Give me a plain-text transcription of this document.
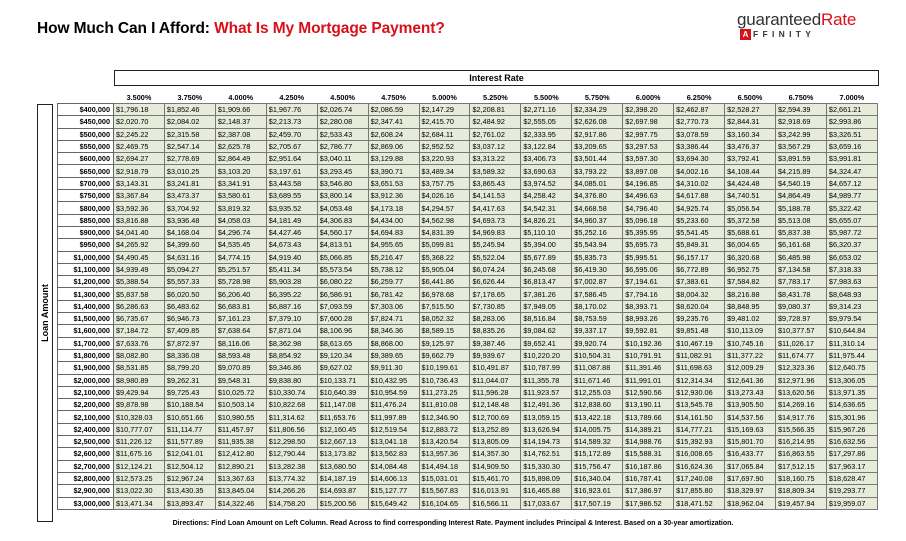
How Much Can I Afford: What Is My Mortgage Payment?	guaranteedRate
A FFINITY
Interest Rate
Loan Amount
	3.500%	3.750%	4.000%	4.250%	4.500%	4.750%	5.000%	5.250%	5.500%	5.750%	6.000%	6.250%	6.500%	6.750%	7.000%
$400,000	$1,796.18	$1,852.46	$1,909.66	$1,967.76	$2,026.74	$2,086.59	$2,147.29	$2,208.81	$2,271.16	$2,334.29	$2,398.20	$2,462.87	$2,528.27	$2,594.39	$2,661.21
$450,000	$2,020.70	$2,084.02	$2,148.37	$2,213.73	$2,280.08	$2,347.41	$2,415.70	$2,484.92	$2,555.05	$2,626.08	$2,697.98	$2,770.73	$2,844.31	$2,918.69	$2,993.86
$500,000	$2,245.22	$2,315.58	$2,387.08	$2,459.70	$2,533.43	$2,608.24	$2,684.11	$2,761.02	$2,333.95	$2,917.86	$2,997.75	$3,078.59	$3,160.34	$3,242.99	$3,326.51
$550,000	$2,469.75	$2,547.14	$2,625.78	$2,705.67	$2,786.77	$2,869.06	$2,952.52	$3,037.12	$3,122.84	$3,209.65	$3,297.53	$3,386.44	$3,476.37	$3,567.29	$3,659.16
$600,000	$2,694.27	$2,778.69	$2,864.49	$2,951.64	$3,040.11	$3,129.88	$3,220.93	$3,313.22	$3,406.73	$3,501.44	$3,597.30	$3,694.30	$3,792.41	$3,891.59	$3,991.81
$650,000	$2,918.79	$3,010.25	$3,103.20	$3,197.61	$3,293.45	$3,390.71	$3,489.34	$3,589.32	$3,690.63	$3,793.22	$3,897.08	$4,002.16	$4,108.44	$4,215.89	$4,324.47
$700,000	$3,143.31	$3,241.81	$3,341.91	$3,443.58	$3,546.80	$3,651.53	$3,757.75	$3,865.43	$3,974.52	$4,085.01	$4,196.85	$4,310.02	$4,424.48	$4,540.19	$4,657.12
$750,000	$3,367.84	$3,473.37	$3,580.61	$3,689.55	$3,800.14	$3,912.36	$4,026.16	$4,141.53	$4,258.42	$4,376.80	$4,496.63	$4,617.88	$4,740.51	$4,864.49	$4,989.77
$800,000	$3,592.36	$3,704.92	$3,819.32	$3,935.52	$4,053.48	$4,173.18	$4,294.57	$4,417.63	$4,542.31	$4,668.58	$4,796.40	$4,925.74	$5,056.54	$5,188.78	$5,322.42
$850,000	$3,816.88	$3,936.48	$4,058.03	$4,181.49	$4,306.83	$4,434.00	$4,562.98	$4,693.73	$4,826.21	$4,960.37	$5,096.18	$5,233.60	$5,372.58	$5,513.08	$5,655.07
$900,000	$4,041.40	$4,168.04	$4,296.74	$4,427.46	$4,560.17	$4,694.83	$4,831.39	$4,969.83	$5,110.10	$5,252.16	$5,395.95	$5,541.45	$5,688.61	$5,837.38	$5,987.72
$950,000	$4,265.92	$4,399.60	$4,535.45	$4,673.43	$4,813.51	$4,955.65	$5,099.81	$5,245.94	$5,394.00	$5,543.94	$5,695.73	$5,849.31	$6,004.65	$6,161.68	$6,320.37
$1,000,000	$4,490.45	$4,631.16	$4,774.15	$4,919.40	$5,066.85	$5,216.47	$5,368.22	$5,522.04	$5,677.89	$5,835.73	$5,995.51	$6,157.17	$6,320.68	$6,485.98	$6,653.02
$1,100,000	$4,939.49	$5,094.27	$5,251.57	$5,411.34	$5,573.54	$5,738.12	$5,905.04	$6,074.24	$6,245.68	$6,419.30	$6,595.06	$6,772.89	$6,952.75	$7,134.58	$7,318.33
$1,200,000	$5,388.54	$5,557.33	$5,728.98	$5,903.28	$6,080.22	$6,259.77	$6,441.86	$6,626.44	$6,813.47	$7,002.87	$7,194.61	$7,383.61	$7,584.82	$7,783.17	$7,983.63
$1,300,000	$5,837.58	$6,020.50	$6,206.40	$6,395.22	$6,586.91	$6,781.42	$6,978.68	$7,178.65	$7,381.26	$7,586.45	$7,794.16	$8,004.32	$8,216.88	$8,431.78	$8,648.93
$1,400,000	$6,286.63	$6,483.62	$6,683.81	$6,887.16	$7,093.59	$7,303.06	$7,515.50	$7,730.85	$7,949.05	$8,170.02	$8,393.71	$8,620.04	$8,848.95	$9,080.37	$9,314.23
$1,500,000	$6,735.67	$6,946.73	$7,161.23	$7,379.10	$7,600.28	$7,824.71	$8,052.32	$8,283.06	$8,516.84	$8,753.59	$8,993.26	$9,235.76	$9,481.02	$9,728.97	$9,979.54
$1,600,000	$7,184.72	$7,409.85	$7,638.64	$7,871.04	$8,106.96	$8,346.36	$8,589.15	$8,835.26	$9,084.62	$9,337.17	$9,592.81	$9,851.48	$10,113.09	$10,377.57	$10,644.84
$1,700,000	$7,633.76	$7,872.97	$8,116.06	$8,362.98	$8,613.65	$8,868.00	$9,125.97	$9,387.46	$9,652.41	$9,920.74	$10,192.36	$10,467.19	$10,745.16	$11,026.17	$11,310.14
$1,800,000	$8,082.80	$8,336.08	$8,593.48	$8,854.92	$9,120.34	$9,389.65	$9,662.79	$9,939.67	$10,220.20	$10,504.31	$10,791.91	$11,082.91	$11,377.22	$11,674.77	$11,975.44
$1,900,000	$8,531.85	$8,799.20	$9,070.89	$9,346.86	$9,627.02	$9,911.30	$10,199.61	$10,491.87	$10,787.99	$11,087.88	$11,391.46	$11,698.63	$12,009.29	$12,323.36	$12,640.75
$2,000,000	$8,980.89	$9,262.31	$9,548.31	$9,838.80	$10,133.71	$10,432.95	$10,736.43	$11,044.07	$11,355.78	$11,671.46	$11,991.01	$12,314.34	$12,641.36	$12,971.96	$13,306.05
$2,100,000	$9,429.94	$9,725.43	$10,025.72	$10,330.74	$10,640.39	$10,954.59	$11,273.25	$11,596.28	$11,923.57	$12,255.03	$12,590.56	$12,930.06	$13,273.43	$13,620.56	$13,971.35
$2,200,000	$9,878.98	$10,188.54	$10,503.14	$10,822.68	$11,147.08	$11,476.24	$11,810.08	$12,148.48	$12,491.36	$12,838.60	$13,190.11	$13,545.78	$13,905.50	$14,269.16	$14,636.65
$2,100,000	$10,328.03	$10,651.66	$10,980.55	$11,314.62	$11,653.76	$11,997.89	$12,346.90	$12,700.69	$13,059.15	$13,422.18	$13,789.66	$14,161.50	$14,537.56	$14,917.76	$15,301.96
$2,400,000	$10,777.07	$11,114.77	$11,457.97	$11,806.56	$12,160.45	$12,519.54	$12,883.72	$13,252.89	$13,626.94	$14,005.75	$14,389.21	$14,777.21	$15,169.63	$15,566.35	$15,967.26
$2,500,000	$11,226.12	$11,577.89	$11,935.38	$12,298.50	$12,667.13	$13,041.18	$13,420.54	$13,805.09	$14,194.73	$14,589.32	$14,988.76	$15,392.93	$15,801.70	$16,214.95	$16,632.56
$2,600,000	$11,675.16	$12,041.01	$12,412.80	$12,790.44	$13,173.82	$13,562.83	$13,957.36	$14,357.30	$14,762.51	$15,172.89	$15,588.31	$16,008.65	$16,433.77	$16,863.55	$17,297.86
$2,700,000	$12,124.21	$12,504.12	$12,890.21	$13,282.38	$13,680.50	$14,084.48	$14,494.18	$14,909.50	$15,330.30	$15,756.47	$16,187.86	$16,624.36	$17,065.84	$17,512.15	$17,963.17
$2,800,000	$12,573.25	$12,967.24	$13,367.63	$13,774.32	$14,187.19	$14,606.13	$15,031.01	$15,461.70	$15,898.09	$16,340.04	$16,787.41	$17,240.08	$17,697.90	$18,160.75	$18,628.47
$2,900,000	$13,022.30	$13,430.35	$13,845.04	$14,266.26	$14,693.87	$15,127.77	$15,567.83	$16,013.91	$16,465.88	$16,923.61	$17,386.97	$17,855.80	$18,329.97	$18,809.34	$19,293.77
$3,000,000	$13,471.34	$13,893.47	$14,322.46	$14,758.20	$15,200.56	$15,649.42	$16,104.65	$16,566.11	$17,033.67	$17,507.19	$17,986.52	$18,471.52	$18,962.04	$19,457.94	$19,959.07
Directions: Find Loan Amount on Left Column. Read Across to find corresponding Interest Rate. Payment includes Principal & Interest. Based on a 30-year amortization.
